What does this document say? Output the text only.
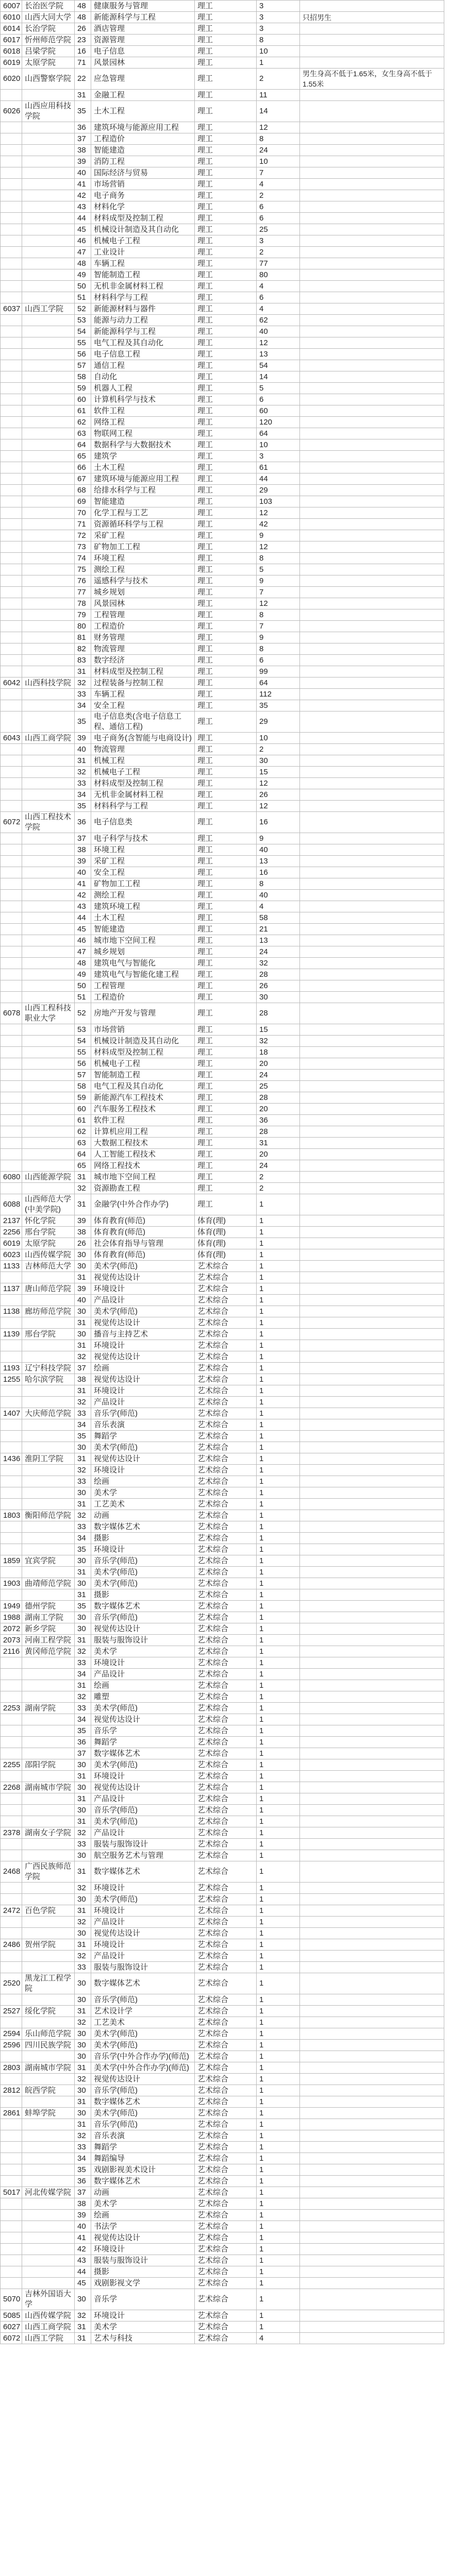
6007	长治医学院	48	健康服务与管理	理工	3	
6010	山西大同大学	48	新能源科学与工程	理工	3	只招男生
6014	长治学院	26	酒店管理	理工	3	
6017	忻州师范学院	23	资源管理	理工	8	
6018	吕梁学院	16	电子信息	理工	10	
6019	太原学院	71	风景园林	理工	1	
6020	山西警察学院	22	应急管理	理工	2	男生身高不低于1.65米，女生身高不低于1.55米
		31	金融工程	理工	11	
6026	山西应用科技学院	35	土木工程	理工	14	
		36	建筑环境与能源应用工程	理工	12	
		37	工程造价	理工	8	
		38	智能建造	理工	24	
		39	消防工程	理工	10	
		40	国际经济与贸易	理工	7	
		41	市场营销	理工	4	
		42	电子商务	理工	2	
		43	材料化学	理工	6	
		44	材料成型及控制工程	理工	6	
		45	机械设计制造及其自动化	理工	25	
		46	机械电子工程	理工	3	
		47	工业设计	理工	2	
		48	车辆工程	理工	77	
		49	智能制造工程	理工	80	
		50	无机非金属材料工程	理工	4	
		51	材料科学与工程	理工	6	
6037	山西工学院	52	新能源材料与器件	理工	4	
		53	能源与动力工程	理工	62	
		54	新能源科学与工程	理工	40	
		55	电气工程及其自动化	理工	12	
		56	电子信息工程	理工	13	
		57	通信工程	理工	54	
		58	自动化	理工	14	
		59	机器人工程	理工	5	
		60	计算机科学与技术	理工	6	
		61	软件工程	理工	60	
		62	网络工程	理工	120	
		63	物联网工程	理工	64	
		64	数据科学与大数据技术	理工	10	
		65	建筑学	理工	3	
		66	土木工程	理工	61	
		67	建筑环境与能源应用工程	理工	44	
		68	给排水科学与工程	理工	29	
		69	智能建造	理工	103	
		70	化学工程与工艺	理工	12	
		71	资源循环科学与工程	理工	42	
		72	采矿工程	理工	9	
		73	矿物加工工程	理工	12	
		74	环境工程	理工	8	
		75	测绘工程	理工	5	
		76	遥感科学与技术	理工	9	
		77	城乡规划	理工	7	
		78	风景园林	理工	12	
		79	工程管理	理工	8	
		80	工程造价	理工	7	
		81	财务管理	理工	9	
		82	物流管理	理工	8	
		83	数字经济	理工	6	
		31	材料成型及控制工程	理工	99	
6042	山西科技学院	32	过程装备与控制工程	理工	64	
		33	车辆工程	理工	112	
		34	安全工程	理工	35	
		35	电子信息类(含电子信息工程、通信工程)	理工	29	
6043	山西工商学院	39	电子商务(含智能与电商设计)	理工	10	
		40	物流管理	理工	2	
		31	机械工程	理工	30	
		32	机械电子工程	理工	15	
		33	材料成型及控制工程	理工	12	
		34	无机非金属材料工程	理工	26	
		35	材料科学与工程	理工	12	
6072	山西工程技术学院	36	电子信息类	理工	16	
		37	电子科学与技术	理工	9	
		38	环境工程	理工	40	
		39	采矿工程	理工	13	
		40	安全工程	理工	16	
		41	矿物加工工程	理工	8	
		42	测绘工程	理工	40	
		43	建筑环境工程	理工	4	
		44	土木工程	理工	58	
		45	智能建造	理工	21	
		46	城市地下空间工程	理工	13	
		47	城乡规划	理工	24	
		48	建筑电气与智能化	理工	32	
		49	建筑电气与智能化建工程	理工	28	
		50	工程管理	理工	26	
		51	工程造价	理工	30	
6078	山西工程科技职业大学	52	房地产开发与管理	理工	28	
		53	市场营销	理工	15	
		54	机械设计制造及其自动化	理工	32	
		55	材料成型及控制工程	理工	18	
		56	机械电子工程	理工	20	
		57	智能制造工程	理工	24	
		58	电气工程及其自动化	理工	25	
		59	新能源汽车工程技术	理工	28	
		60	汽车服务工程技术	理工	20	
		61	软件工程	理工	36	
		62	计算机应用工程	理工	28	
		63	大数据工程技术	理工	31	
		64	人工智能工程技术	理工	20	
		65	网络工程技术	理工	24	
6080	山西能源学院	31	城市地下空间工程	理工	2	
		32	资源勘查工程	理工	2	
6088	山西师范大学(中美学院)	31	金融学(中外合作办学)	理工	1	
2137	怀化学院	39	体育教育(师范)	体育(理)	1	
2256	邢台学院	38	体育教育(师范)	体育(理)	1	
6019	太原学院	26	社会体育指导与管理	体育(理)	1	
6023	山西传媒学院	30	体育教育(师范)	体育(理)	1	
1133	吉林师范大学	30	美术学(师范)	艺术综合	1	
		31	视觉传达设计	艺术综合	1	
1137	唐山师范学院	39	环境设计	艺术综合	1	
		40	产品设计	艺术综合	1	
1138	廊坊师范学院	30	美术学(师范)	艺术综合	1	
		31	视觉传达设计	艺术综合	1	
1139	邢台学院	30	播音与主持艺术	艺术综合	1	
		31	环境设计	艺术综合	1	
		32	视觉传达设计	艺术综合	1	
1193	辽宁科技学院	37	绘画	艺术综合	1	
1255	哈尔滨学院	38	视觉传达设计	艺术综合	1	
		31	环境设计	艺术综合	1	
		32	产品设计	艺术综合	1	
1407	大庆师范学院	33	音乐学(师范)	艺术综合	1	
		34	音乐表演	艺术综合	1	
		35	舞蹈学	艺术综合	1	
		30	美术学(师范)	艺术综合	1	
1436	淮阴工学院	31	视觉传达设计	艺术综合	1	
		32	环境设计	艺术综合	1	
		33	绘画	艺术综合	1	
		30	美术学	艺术综合	1	
		31	工艺美术	艺术综合	1	
1803	衡阳师范学院	32	动画	艺术综合	1	
		33	数字媒体艺术	艺术综合	1	
		34	摄影	艺术综合	1	
		35	环境设计	艺术综合	1	
1859	宜宾学院	30	音乐学(师范)	艺术综合	1	
		31	美术学(师范)	艺术综合	1	
1903	曲靖师范学院	30	美术学(师范)	艺术综合	1	
		31	摄影	艺术综合	1	
1949	德州学院	35	数字媒体艺术	艺术综合	1	
1988	湖南工学院	30	音乐学(师范)	艺术综合	1	
2072	新乡学院	30	视觉传达设计	艺术综合	1	
2073	河南工程学院	31	服装与服饰设计	艺术综合	1	
2116	黄冈师范学院	32	美术学	艺术综合	1	
		33	环境设计	艺术综合	1	
		34	产品设计	艺术综合	1	
		31	绘画	艺术综合	1	
		32	雕塑	艺术综合	1	
2253	湖南学院	33	美术学(师范)	艺术综合	1	
		34	视觉传达设计	艺术综合	1	
		35	音乐学	艺术综合	1	
		36	舞蹈学	艺术综合	1	
		37	数字媒体艺术	艺术综合	1	
2255	邵阳学院	30	美术学(师范)	艺术综合	1	
		31	环境设计	艺术综合	1	
2268	湖南城市学院	30	视觉传达设计	艺术综合	1	
		31	产品设计	艺术综合	1	
		30	音乐学(师范)	艺术综合	1	
		31	美术学(师范)	艺术综合	1	
2378	湖南女子学院	32	产品设计	艺术综合	1	
		33	服装与服饰设计	艺术综合	1	
		30	航空服务艺术与管理	艺术综合	1	
2468	广西民族师范学院	31	数字媒体艺术	艺术综合	1	
		32	环境设计	艺术综合	1	
		30	美术学(师范)	艺术综合	1	
2472	百色学院	31	环境设计	艺术综合	1	
		32	产品设计	艺术综合	1	
		30	视觉传达设计	艺术综合	1	
2486	贺州学院	31	环境设计	艺术综合	1	
		32	产品设计	艺术综合	1	
		33	服装与服饰设计	艺术综合	1	
2520	黑龙江工程学院	30	数字媒体艺术	艺术综合	1	
		30	音乐学(师范)	艺术综合	1	
2527	绥化学院	31	艺术设计学	艺术综合	1	
		32	工艺美术	艺术综合	1	
2594	乐山师范学院	30	美术学(师范)	艺术综合	1	
2596	四川民族学院	30	美术学(师范)	艺术综合	1	
		30	音乐学(中外合作办学)(师范)	艺术综合	1	
2803	湖南城市学院	31	美术学(中外合作办学)(师范)	艺术综合	1	
		32	视觉传达设计	艺术综合	1	
2812	皖西学院	30	音乐学(师范)	艺术综合	1	
		31	数字媒体艺术	艺术综合	1	
2861	蚌埠学院	30	美术学(师范)	艺术综合	1	
		31	音乐学(师范)	艺术综合	1	
		32	音乐表演	艺术综合	1	
		33	舞蹈学	艺术综合	1	
		34	舞蹈编导	艺术综合	1	
		35	戏剧影视美术设计	艺术综合	1	
		36	数字媒体艺术	艺术综合	1	
5017	河北传媒学院	37	动画	艺术综合	1	
		38	美术学	艺术综合	1	
		39	绘画	艺术综合	1	
		40	书法学	艺术综合	1	
		41	视觉传达设计	艺术综合	1	
		42	环境设计	艺术综合	1	
		43	服装与服饰设计	艺术综合	1	
		44	摄影	艺术综合	1	
		45	戏剧影视文学	艺术综合	1	
5070	吉林外国语大学	30	音乐学	艺术综合	1	
5085	山西传媒学院	32	环境设计	艺术综合	1	
6027	山西工商学院	31	美术学	艺术综合	1	
6072	山西工学院	31	艺术与科技	艺术综合	4	
